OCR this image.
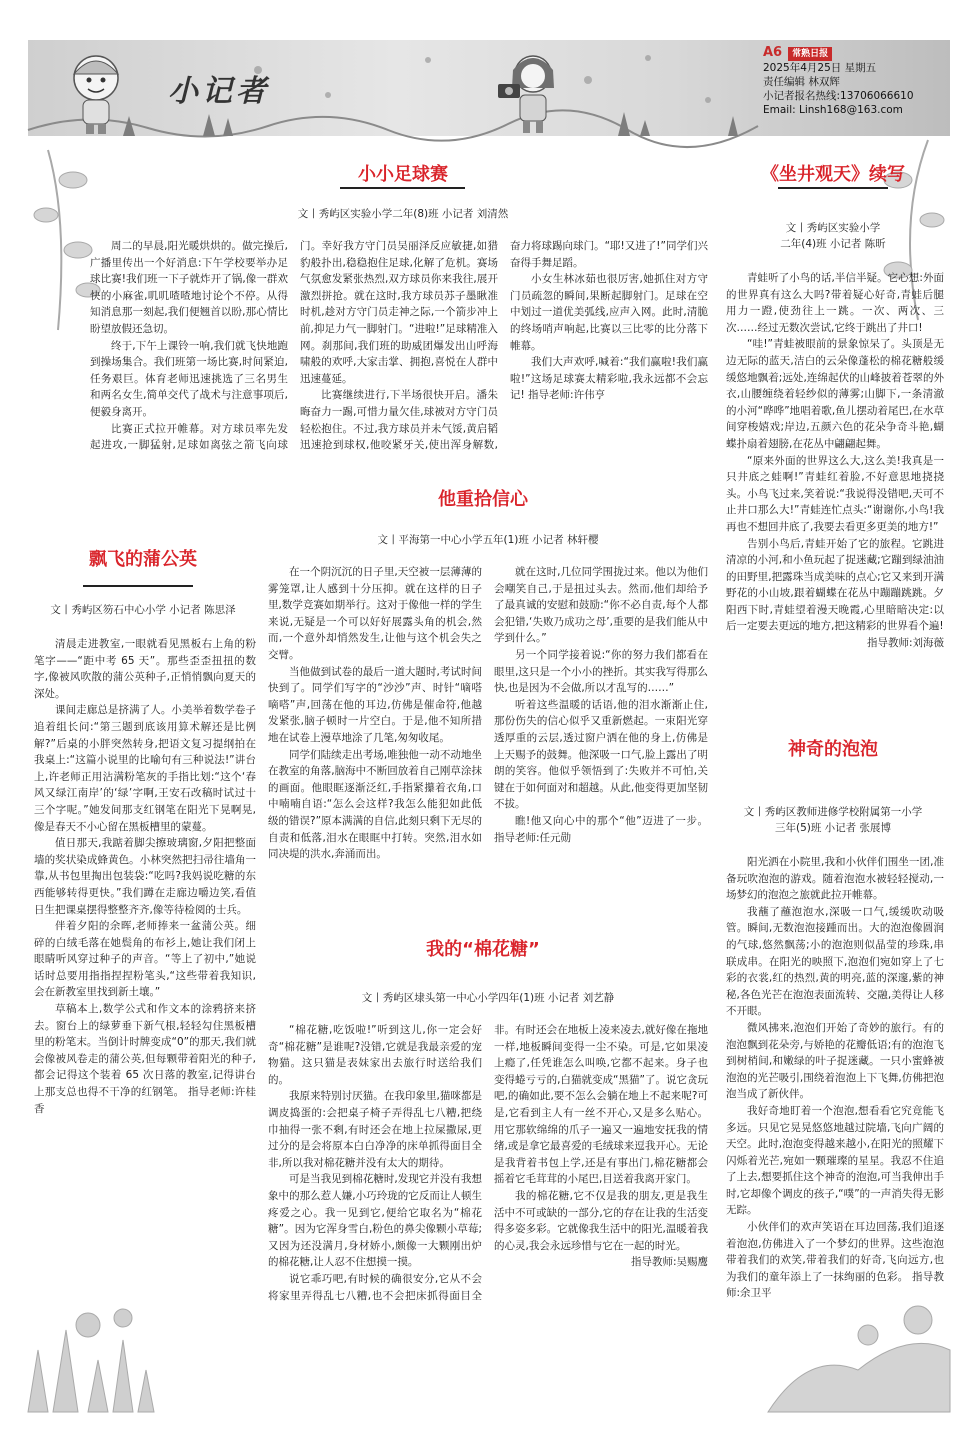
小记者
A6 常熟日报
2025年4月25日 星期五
责任编辑 林双辉
小记者报名热线:13706066610
Email: Linsh168@163.com
小小足球赛
文丨秀屿区实验小学二年(8)班 小记者 刘清然

周二的早晨,阳光暖烘烘的。做完操后,广播里传出一个好消息:下午学校要举办足球比赛!我们班一下子就炸开了锅,像一群欢快的小麻雀,叽叽喳喳地讨论个不停。从得知消息那一刻起,我们便翘首以盼,那心情比盼望放假还急切。

终于,下午上课铃一响,我们就飞快地跑到操场集合。我们班第一场比赛,时间紧迫,任务艰巨。体育老师迅速挑选了三名男生和两名女生,简单交代了战术与注意事项后,便毅身离开。

比赛正式拉开帷幕。对方球员率先发起进攻,一脚猛射,足球如离弦之箭飞向球门。幸好我方守门员吴丽泽反应敏捷,如猎豹般扑出,稳稳抱住足球,化解了危机。赛场气氛愈发紧张热烈,双方球员你来我往,展开激烈拼抢。就在这时,我方球员苏子墨瞅准时机,趁对方守门员走神之际,一个箭步冲上前,抑足力气一脚射门。“进啦!”足球精准入网。刹那间,我们班的助威团爆发出山呼海啸般的欢呼,大家击掌、拥抱,喜悦在人群中迅速蔓延。

比赛继续进行,下半场很快开启。潘朱晦奋力一踢,可惜力量欠佳,球被对方守门员轻松抱住。不过,我方球员并未气馁,黄启韬迅速抢到球权,他咬紧牙关,使出浑身解数,奋力将球踢向球门。“耶!又进了!”同学们兴奋得手舞足蹈。

小女生林冰茹也很厉害,她抓住对方守门员疏忽的瞬间,果断起脚射门。足球在空中划过一道优美弧线,应声入网。此时,清脆的终场哨声响起,比赛以三比零的比分落下帷幕。

我们大声欢呼,喊着:“我们赢啦!我们赢啦!”这场足球赛太精彩啦,我永远都不会忘记! 指导老师:许伟亨

《坐井观天》续写
文丨秀屿区实验小学
二年(4)班 小记者 陈昕

青蛙听了小鸟的话,半信半疑。它心想:外面的世界真有这么大吗?带着疑心好奇,青蛙后腿用力一蹬,使劲往上一跳。一次、两次、三次……经过无数次尝试,它终于跳出了井口!

“哇!”青蛙被眼前的景象惊呆了。头顶是无边无际的蓝天,洁白的云朵像蓬松的棉花糖般缓缓悠地飘着;远处,连绵起伏的山峰披着苍翠的外衣,山腰缠绕着轻纱似的薄雾;山脚下,一条清澈的小河“哗哗”地唱着歌,鱼儿摆动着尾巴,在水草间穿梭嬉戏;岸边,五颜六色的花朵争奇斗艳,蝴蝶扑扇着翅膀,在花丛中翩翩起舞。

“原来外面的世界这么大,这么美!我真是一只井底之蛙啊!”青蛙红着脸,不好意思地挠挠头。小鸟飞过来,笑着说:“我说得没错吧,天可不止井口那么大!”青蛙连忙点头:“谢谢你,小鸟!我再也不想回井底了,我要去看更多更美的地方!”

告别小鸟后,青蛙开始了它的旅程。它跳进清凉的小河,和小鱼玩起了捉迷藏;它蹦到绿油油的田野里,把露珠当成美味的点心;它又来到开满野花的小山坡,跟着蝴蝶在花丛中蹦蹦跳跳。夕阳西下时,青蛙望着漫天晚霞,心里暗暗决定:以后一定要去更远的地方,把这精彩的世界看个遍!

指导教师:刘海薇
飘飞的蒲公英
文丨秀屿区笏石中心小学 小记者 陈思泽

清晨走进教室,一眼就看见黑板右上角的粉笔字——“距中考 65 天”。那些歪歪扭扭的数字,像被风吹散的蒲公英种子,正悄悄飘向夏天的深处。

课间走廊总是挤满了人。小美举着数学卷子追着组长问:“第三题到底该用算术解还是比例解?”后桌的小胖突然转身,把语文复习提纲拍在我桌上:“这篇小说里的比喻句有三种说法!”讲台上,许老师正用沾满粉笔灰的手指比划:“这个‘春风又绿江南岸’的‘绿’字啊,王安石改稿时试过十三个字呢。”她发间那支红钢笔在阳光下晃啊晃,像是春天不小心留在黑板槽里的蒙蔓。

值日那天,我踮着脚尖擦玻璃窗,夕阳把整面墙的奖状染成蜂黄色。小林突然把扫帚往墙角一靠,从书包里掏出包装袋:“吃吗?我妈说吃糖的东西能够转得更快。”我们蹲在走廊边嚼边笑,看值日生把课桌摆得整整齐齐,像等待检阅的士兵。

伴着夕阳的余晖,老师捧来一盆蒲公英。细碎的白绒毛落在她鬓角的布衫上,她让我们闭上眼睛听风穿过种子的声音。“等上了初中,”她说话时总要用指指捏捏粉笔头,“这些带着我知识,会在新教室里找到新土壤。”

草稿本上,数学公式和作文本的涂鸦挤来挤去。窗台上的绿萝垂下新气根,轻轻勾住黑板槽里的粉笔末。当倒计时牌变成“0”的那天,我们就会像被风卷走的蒲公英,但每颗带着阳光的种子,都会记得这个装着 65 次日落的教室,记得讲台上那支总也得不干净的红钢笔。 指导老师:许桂香

他重拾信心
文丨平海第一中心小学五年(1)班 小记者 林轩樱

在一个阴沉沉的日子里,天空被一层薄薄的雾笼罩,让人感到十分压抑。就在这样的日子里,数学竞赛如期举行。这对于像他一样的学生来说,无疑是一个可以好好展露头角的机会,然而,一个意外却悄然发生,让他与这个机会失之交臂。

当他做到试卷的最后一道大题时,考试时间快到了。同学们写字的“沙沙”声、时针“嘀嗒嘀嗒”声,回荡在他的耳边,仿佛是催命符,他越发紧张,脑子顿时一片空白。于是,他不知所措地在试卷上漫草地涂了几笔,匆匆收尾。

同学们陆续走出考场,唯独他一动不动地坐在教室的角落,脑海中不断回放着自己刚草涂抹的画面。他眼眶逐渐泛红,手指紧攥着衣角,口中喃喃自语:“怎么会这样?我怎么能犯如此低级的错误?”原本满满的自信,此刻只剩下无尽的自责和低落,泪水在眼眶中打转。突然,泪水如同决堤的洪水,奔涌而出。

就在这时,几位同学围拢过来。他以为他们会嘲笑自己,于是扭过头去。然而,他们却给予了最真诚的安慰和鼓励:“你不必自责,每个人都会犯错,‘失败乃成功之母’,重要的是我们能从中学到什么。”

另一个同学接着说:“你的努力我们都看在眼里,这只是一个小小的挫折。其实我写得那么快,也是因为不会做,所以才乱写的……”

听着这些温暖的话语,他的泪水渐渐止住,那份伤失的信心似乎又重新燃起。一束阳光穿透厚重的云层,透过窗户洒在他的身上,仿佛是上天赐予的鼓舞。他深吸一口气,脸上露出了明朗的笑容。他似乎领悟到了:失败并不可怕,关键在于如何面对和超越。从此,他变得更加坚韧不拔。

瞧!他又向心中的那个“他”迈进了一步。 指导老师:任元勋

我的“棉花糖”
文丨秀屿区埭头第一中心小学四年(1)班 小记者 刘艺静

“棉花糖,吃饭啦!”听到这儿,你一定会好奇“棉花糖”是谁呢?没错,它就是我最亲爱的宠物猫。这只猫是表妹家出去旅行时送给我们的。

我原来特别讨厌猫。在我印象里,猫咪都是调皮捣蛋的:会把桌子椅子弄得乱七八糟,把绕巾抽得一张不剩,有时还会在地上拉屎撒尿,更过分的是会将原本白白净净的床单抓得面目全非,所以我对棉花糖并没有太大的期待。

可是当我见到棉花糖时,发现它并没有我想象中的那么惹人嫌,小巧玲珑的它反而让人顿生疼爱之心。我一见到它,便给它取名为“棉花糖”。因为它浑身雪白,粉色的鼻尖像颗小草莓;又因为还没满月,身材娇小,颇像一大颗刚出炉的棉花糖,让人忍不住想摸一摸。

说它乖巧吧,有时候的确很安分,它从不会将家里弄得乱七八糟,也不会把床抓得面目全非。有时还会在地板上凌来凌去,就好像在拖地一样,地板瞬间变得一尘不染。可是,它如果凌上瘾了,任凭谁怎么叫唤,它都不起来。身子也变得蜷亏亏的,白猫就变成“黑猫”了。说它贪玩吧,的确如此,要不怎么会躺在地上不起来呢?可是,它看到主人有一丝不开心,又是多么贴心。用它那软绵绵的爪子一遍又一遍地安抚我的情绪,或是拿它最喜爱的毛绒球来逗我开心。无论是我背着书包上学,还是有事出门,棉花糖都会摇着它毛茸茸的小尾巴,目送着我离开家门。

我的棉花糖,它不仅是我的朋友,更是我生活中不可或缺的一部分,它的存在让我的生活变得多姿多彩。它就像我生活中的阳光,温暖着我的心灵,我会永远珍惜与它在一起的时光。

指导教师:吴赐鹰
神奇的泡泡
文丨秀屿区教师进修学校附属第一小学
三年(5)班 小记者 张展博

阳光洒在小院里,我和小伙伴们围坐一团,准备玩吹泡泡的游戏。随着泡泡水被轻轻搅动,一场梦幻的泡泡之旅就此拉开帷幕。

我蘸了蘸泡泡水,深吸一口气,缓缓吹动吸管。瞬间,无数泡泡接踵而出。大的泡泡像圆润的气球,悠然飘荡;小的泡泡则似晶莹的珍珠,串联成串。在阳光的映照下,泡泡们宛如穿上了七彩的衣裳,红的热烈,黄的明亮,蓝的深邃,紫的神秘,各色光芒在泡泡表面流转、交融,美得让人移不开眼。

微风拂来,泡泡们开始了奇妙的旅行。有的泡泡飘到花朵旁,与娇艳的花瓣低语;有的泡泡飞到树梢间,和嫩绿的叶子捉迷藏。一只小蜜蜂被泡泡的光芒吸引,围绕着泡泡上下飞舞,仿佛把泡泡当成了新伙伴。

我好奇地盯着一个泡泡,想看看它究竟能飞多远。只见它晃晃悠悠地越过院墙,飞向广阔的天空。此时,泡泡变得越来越小,在阳光的照耀下闪烁着光芒,宛如一颗璀璨的星星。我忍不住追了上去,想要抓住这个神奇的泡泡,可当我伸出手时,它却像个调皮的孩子,“噗”的一声消失得无影无踪。

小伙伴们的欢声笑语在耳边回荡,我们追逐着泡泡,仿佛进入了一个梦幻的世界。这些泡泡带着我们的欢笑,带着我们的好奇,飞向远方,也为我们的童年添上了一抹绚丽的色彩。 指导教师:余卫平
